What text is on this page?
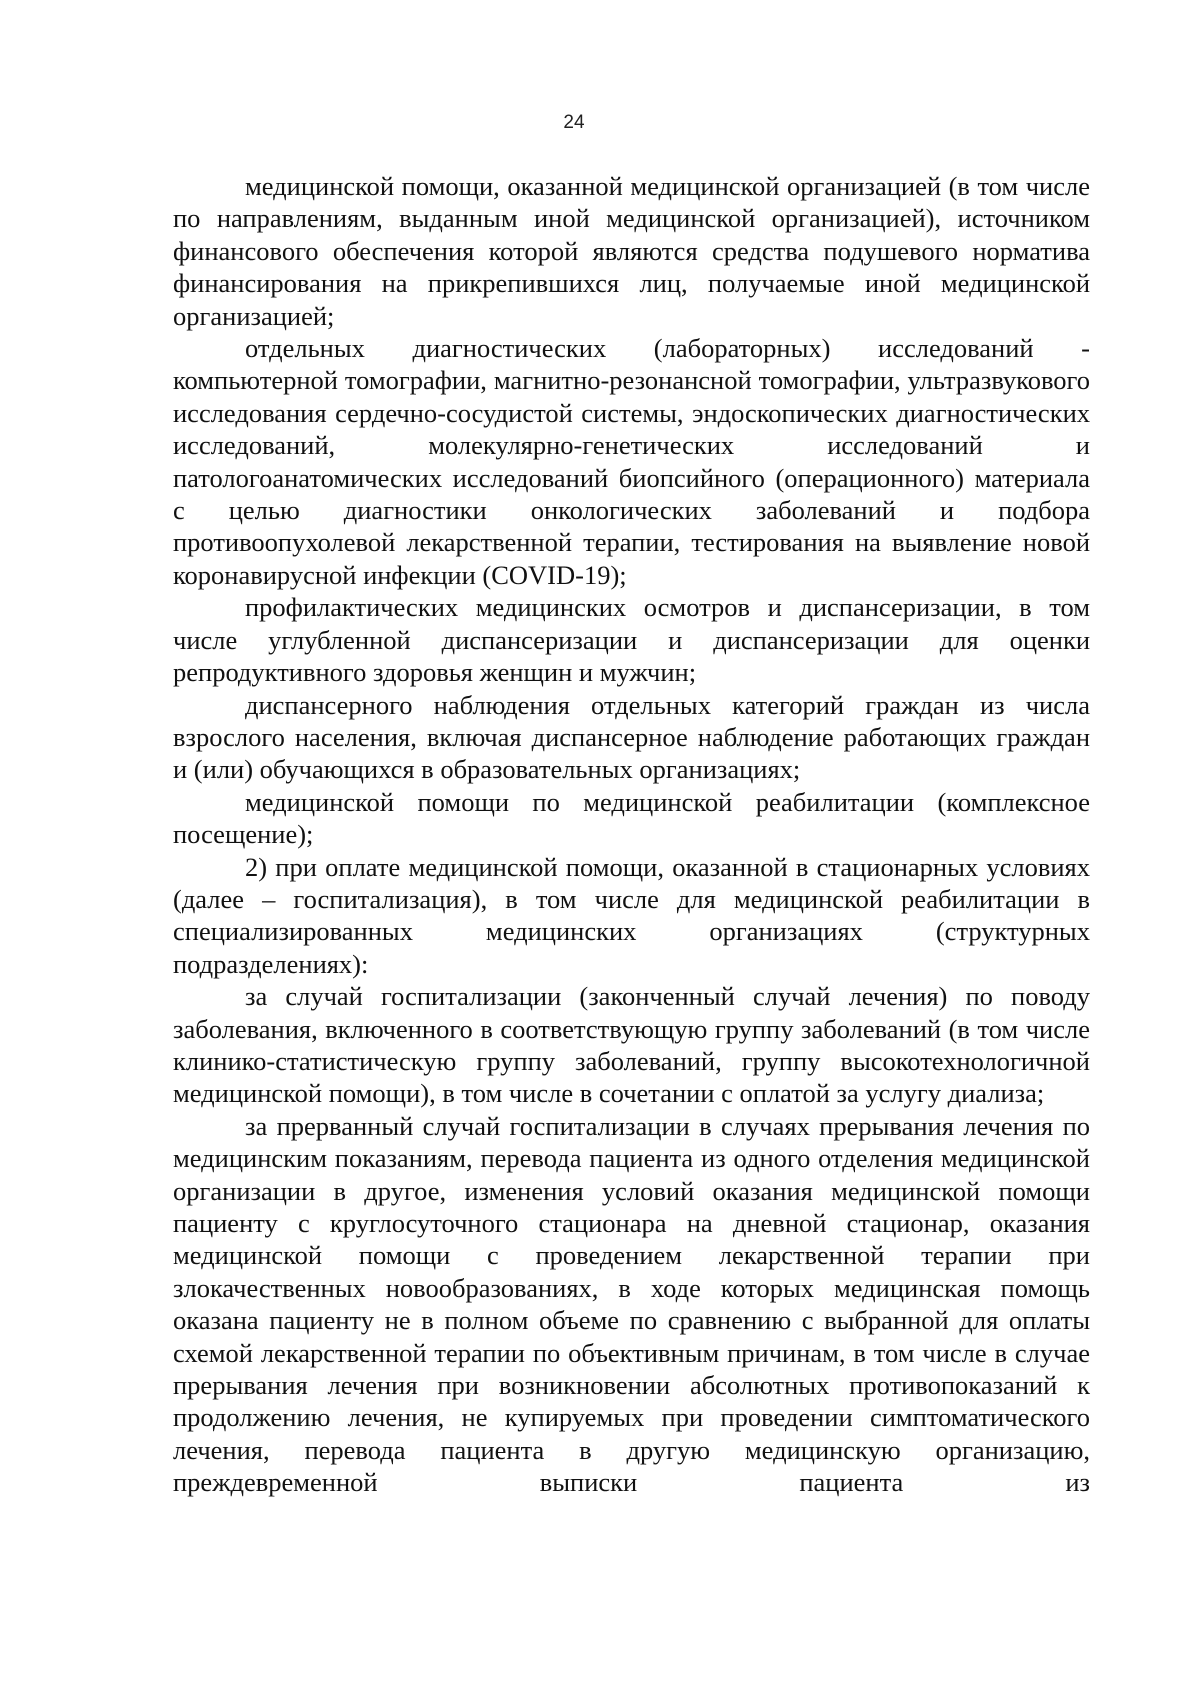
24

медицинской помощи, оказанной медицинской организацией (в том числе по направлениям, выданным иной медицинской организацией), источником финансового обеспечения которой являются средства подушевого норматива финансирования на прикрепившихся лиц, получаемые иной медицинской организацией;

отдельных диагностических (лабораторных) исследований - компьютерной томографии, магнитно-резонансной томографии, ультразвукового исследования сердечно-сосудистой системы, эндоскопических диагностических исследований, молекулярно-генетических исследований и патологоанатомических исследований биопсийного (операционного) материала с целью диагностики онкологических заболеваний и подбора противоопухолевой лекарственной терапии, тестирования на выявление новой коронавирусной инфекции (COVID-19);

профилактических медицинских осмотров и диспансеризации, в том числе углубленной диспансеризации и диспансеризации для оценки репродуктивного здоровья женщин и мужчин;

диспансерного наблюдения отдельных категорий граждан из числа взрослого населения, включая диспансерное наблюдение работающих граждан и (или) обучающихся в образовательных организациях;

медицинской помощи по медицинской реабилитации (комплексное посещение);

2) при оплате медицинской помощи, оказанной в стационарных условиях (далее – госпитализация), в том числе для медицинской реабилитации в специализированных медицинских организациях (структурных подразделениях):

за случай госпитализации (законченный случай лечения) по поводу заболевания, включенного в соответствующую группу заболеваний (в том числе клинико-статистическую группу заболеваний, группу высокотехнологичной медицинской помощи), в том числе в сочетании с оплатой за услугу диализа;

за прерванный случай госпитализации в случаях прерывания лечения по медицинским показаниям, перевода пациента из одного отделения медицинской организации в другое, изменения условий оказания медицинской помощи пациенту с круглосуточного стационара на дневной стационар, оказания медицинской помощи с проведением лекарственной терапии при злокачественных новообразованиях, в ходе которых медицинская помощь оказана пациенту не в полном объеме по сравнению с выбранной для оплаты схемой лекарственной терапии по объективным причинам, в том числе в случае прерывания лечения при возникновении абсолютных противопоказаний к продолжению лечения, не купируемых при проведении симптоматического лечения, перевода пациента в другую медицинскую организацию, преждевременной выписки пациента из
